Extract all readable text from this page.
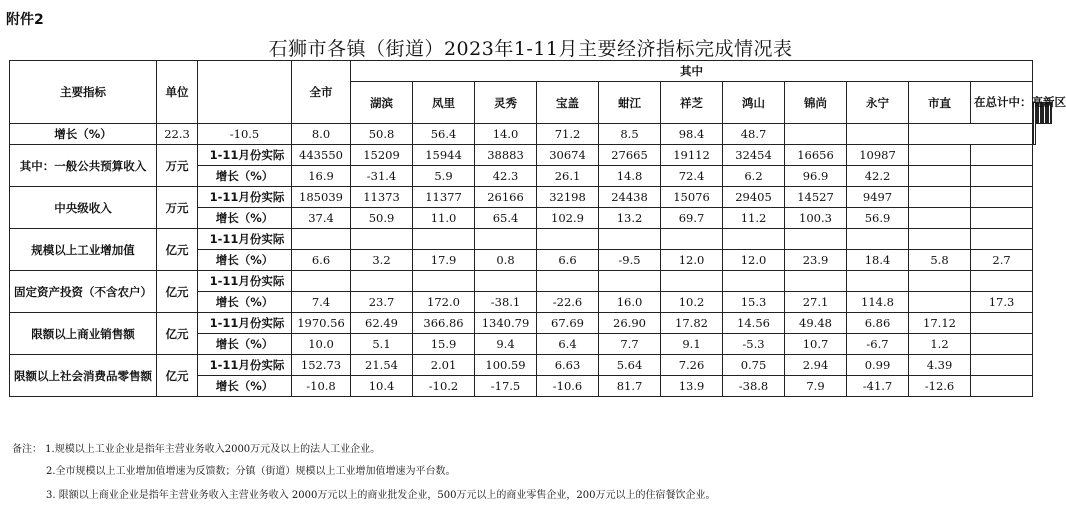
附件2
石狮市各镇（街道）2023年1-11月主要经济指标完成情况表
主要指标	单位		全市	其中																		
				湖滨	凤里	灵秀	宝盖	蚶江	祥芝	鸿山	锦尚	永宁	市直	在总计中：高新区								

增长（%）	22.3	-10.5	8.0	50.8	56.4	14.0	71.2	8.5	98.4	48.7												
其中：一般公共预算收入	万元	1-11月份实际	443550	15209	15944	38883	30674	27665	19112	32454	16656	10987										
		增长（%）	16.9	-31.4	5.9	42.3	26.1	14.8	72.4	6.2	96.9	42.2										
中央级收入	万元	1-11月份实际	185039	11373	11377	26166	32198	24438	15076	29405	14527	9497										
		增长（%）	37.4	50.9	11.0	65.4	102.9	13.2	69.7	11.2	100.3	56.9										
规模以上工业增加值	亿元	1-11月份实际																				
		增长（%）	6.6	3.2	17.9	0.8	6.6	-9.5	12.0	12.0	23.9	18.4	5.8	2.7								
固定资产投资（不含农户）	亿元	1-11月份实际																				
		增长（%）	7.4	23.7	172.0	-38.1	-22.6	16.0	10.2	15.3	27.1	114.8		17.3								
限额以上商业销售额	亿元	1-11月份实际	1970.56	62.49	366.86	1340.79	67.69	26.90	17.82	14.56	49.48	6.86	17.12									
		增长（%）	10.0	5.1	15.9	9.4	6.4	7.7	9.1	-5.3	10.7	-6.7	1.2									
限额以上社会消费品零售额	亿元	1-11月份实际	152.73	21.54	2.01	100.59	6.63	5.64	7.26	0.75	2.94	0.99	4.39									
		增长（%）	-10.8	10.4	-10.2	-17.5	-10.6	81.7	13.9	-38.8	7.9	-41.7	-12.6									
备注： 1.规模以上工业企业是指年主营业务收入2000万元及以上的法人工业企业。
2.全市规模以上工业增加值增速为反馈数；分镇（街道）规模以上工业增加值增速为平台数。
3. 限额以上商业企业是指年主营业务收入主营业务收入 2000万元以上的商业批发企业，500万元以上的商业零售企业，200万元以上的住宿餐饮企业。
